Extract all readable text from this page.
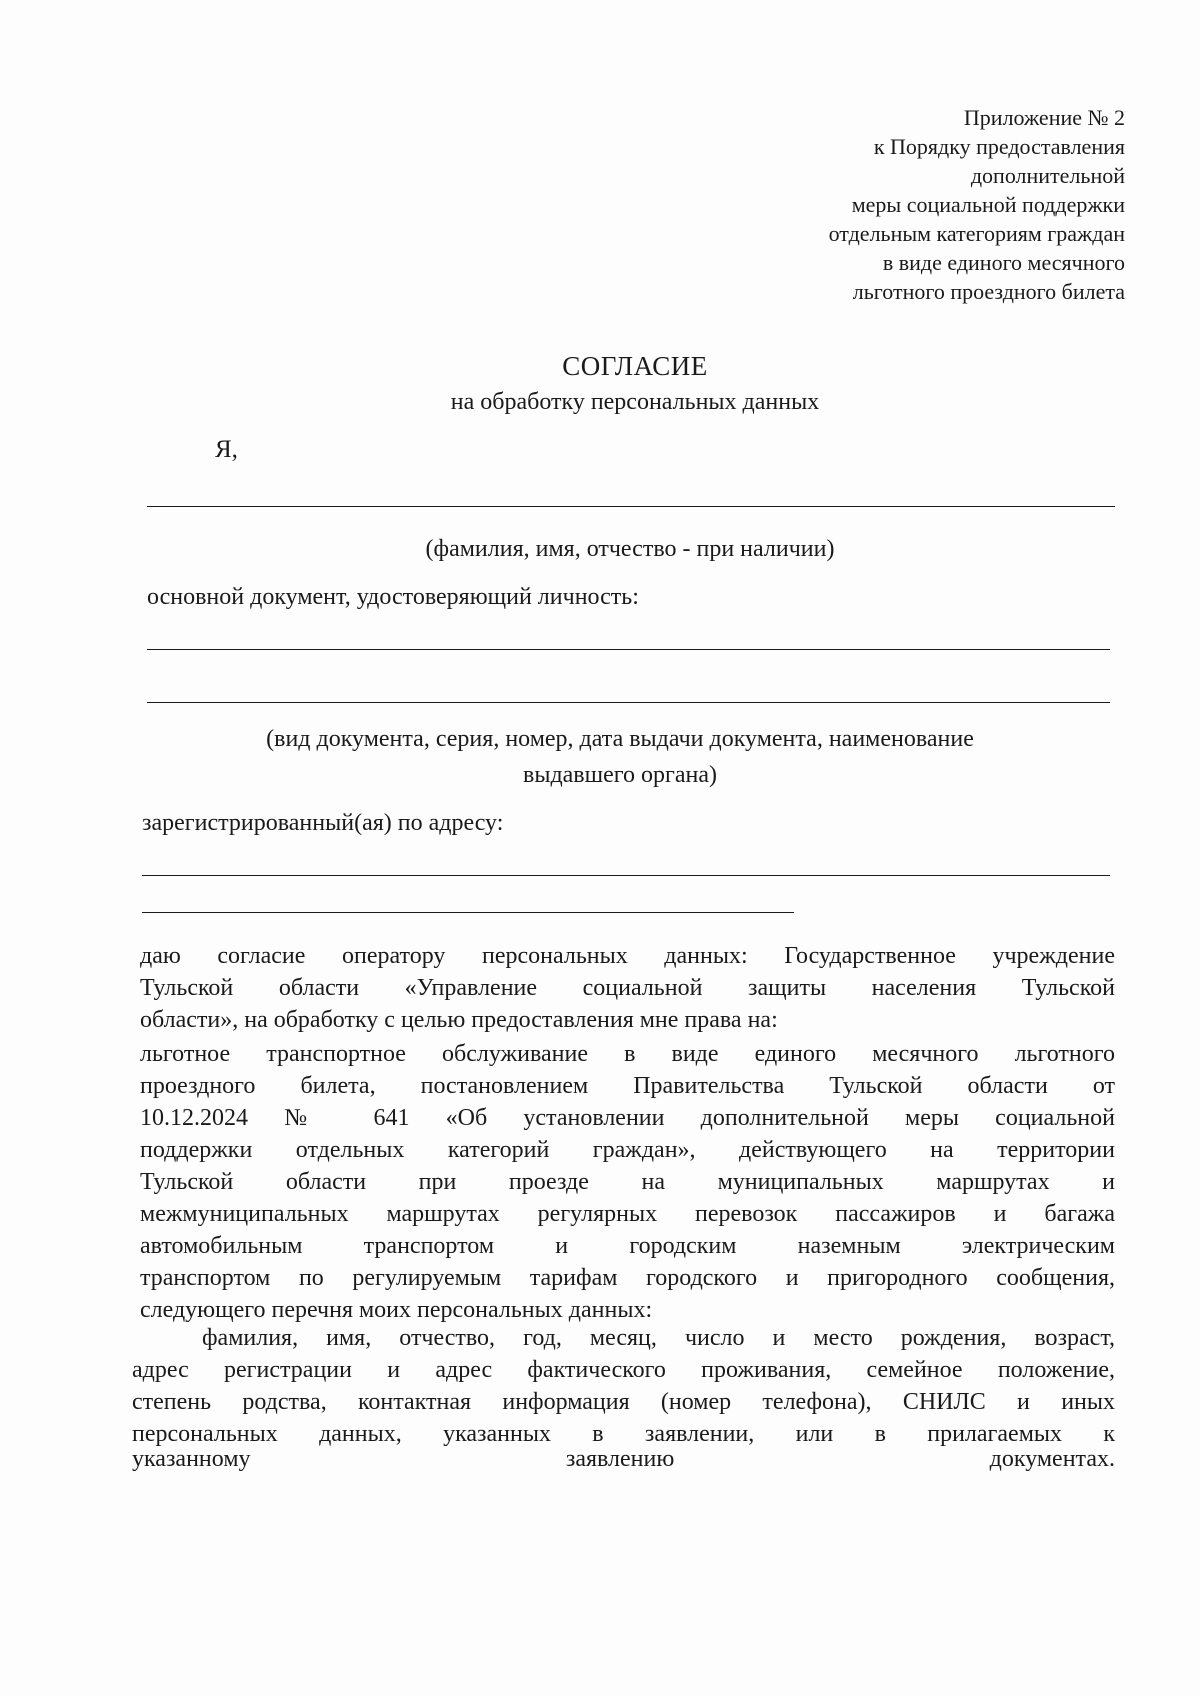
Приложение № 2
к Порядку предоставления
дополнительной
меры социальной поддержки
отдельным категориям граждан
в виде единого месячного
льготного проездного билета
СОГЛАСИЕ
на обработку персональных данных
Я,
(фамилия, имя, отчество - при наличии)
основной документ, удостоверяющий личность:
(вид документа, серия, номер, дата выдачи документа, наименование
выдавшего органа)
зарегистрированный(ая) по адресу:
даю согласие оператору персональных данных: Государственное учреждение
Тульской области «Управление социальной защиты населения Тульской
области», на обработку с целью предоставления мне права на:
льготное транспортное обслуживание в виде единого месячного льготного
проездного билета, постановлением Правительства Тульской области от
10.12.2024 № 641 «Об установлении дополнительной меры социальной
поддержки отдельных категорий граждан», действующего на территории
Тульской области при проезде на муниципальных маршрутах и
межмуниципальных маршрутах регулярных перевозок пассажиров и багажа
автомобильным транспортом и городским наземным электрическим
транспортом по регулируемым тарифам городского и пригородного сообщения,
следующего перечня моих персональных данных:
фамилия, имя, отчество, год, месяц, число и место рождения, возраст,
адрес регистрации и адрес фактического проживания, семейное положение,
степень родства, контактная информация (номер телефона), СНИЛС и иных
персональных данных, указанных в заявлении, или в прилагаемых к
указанному	заявлению	документах.
